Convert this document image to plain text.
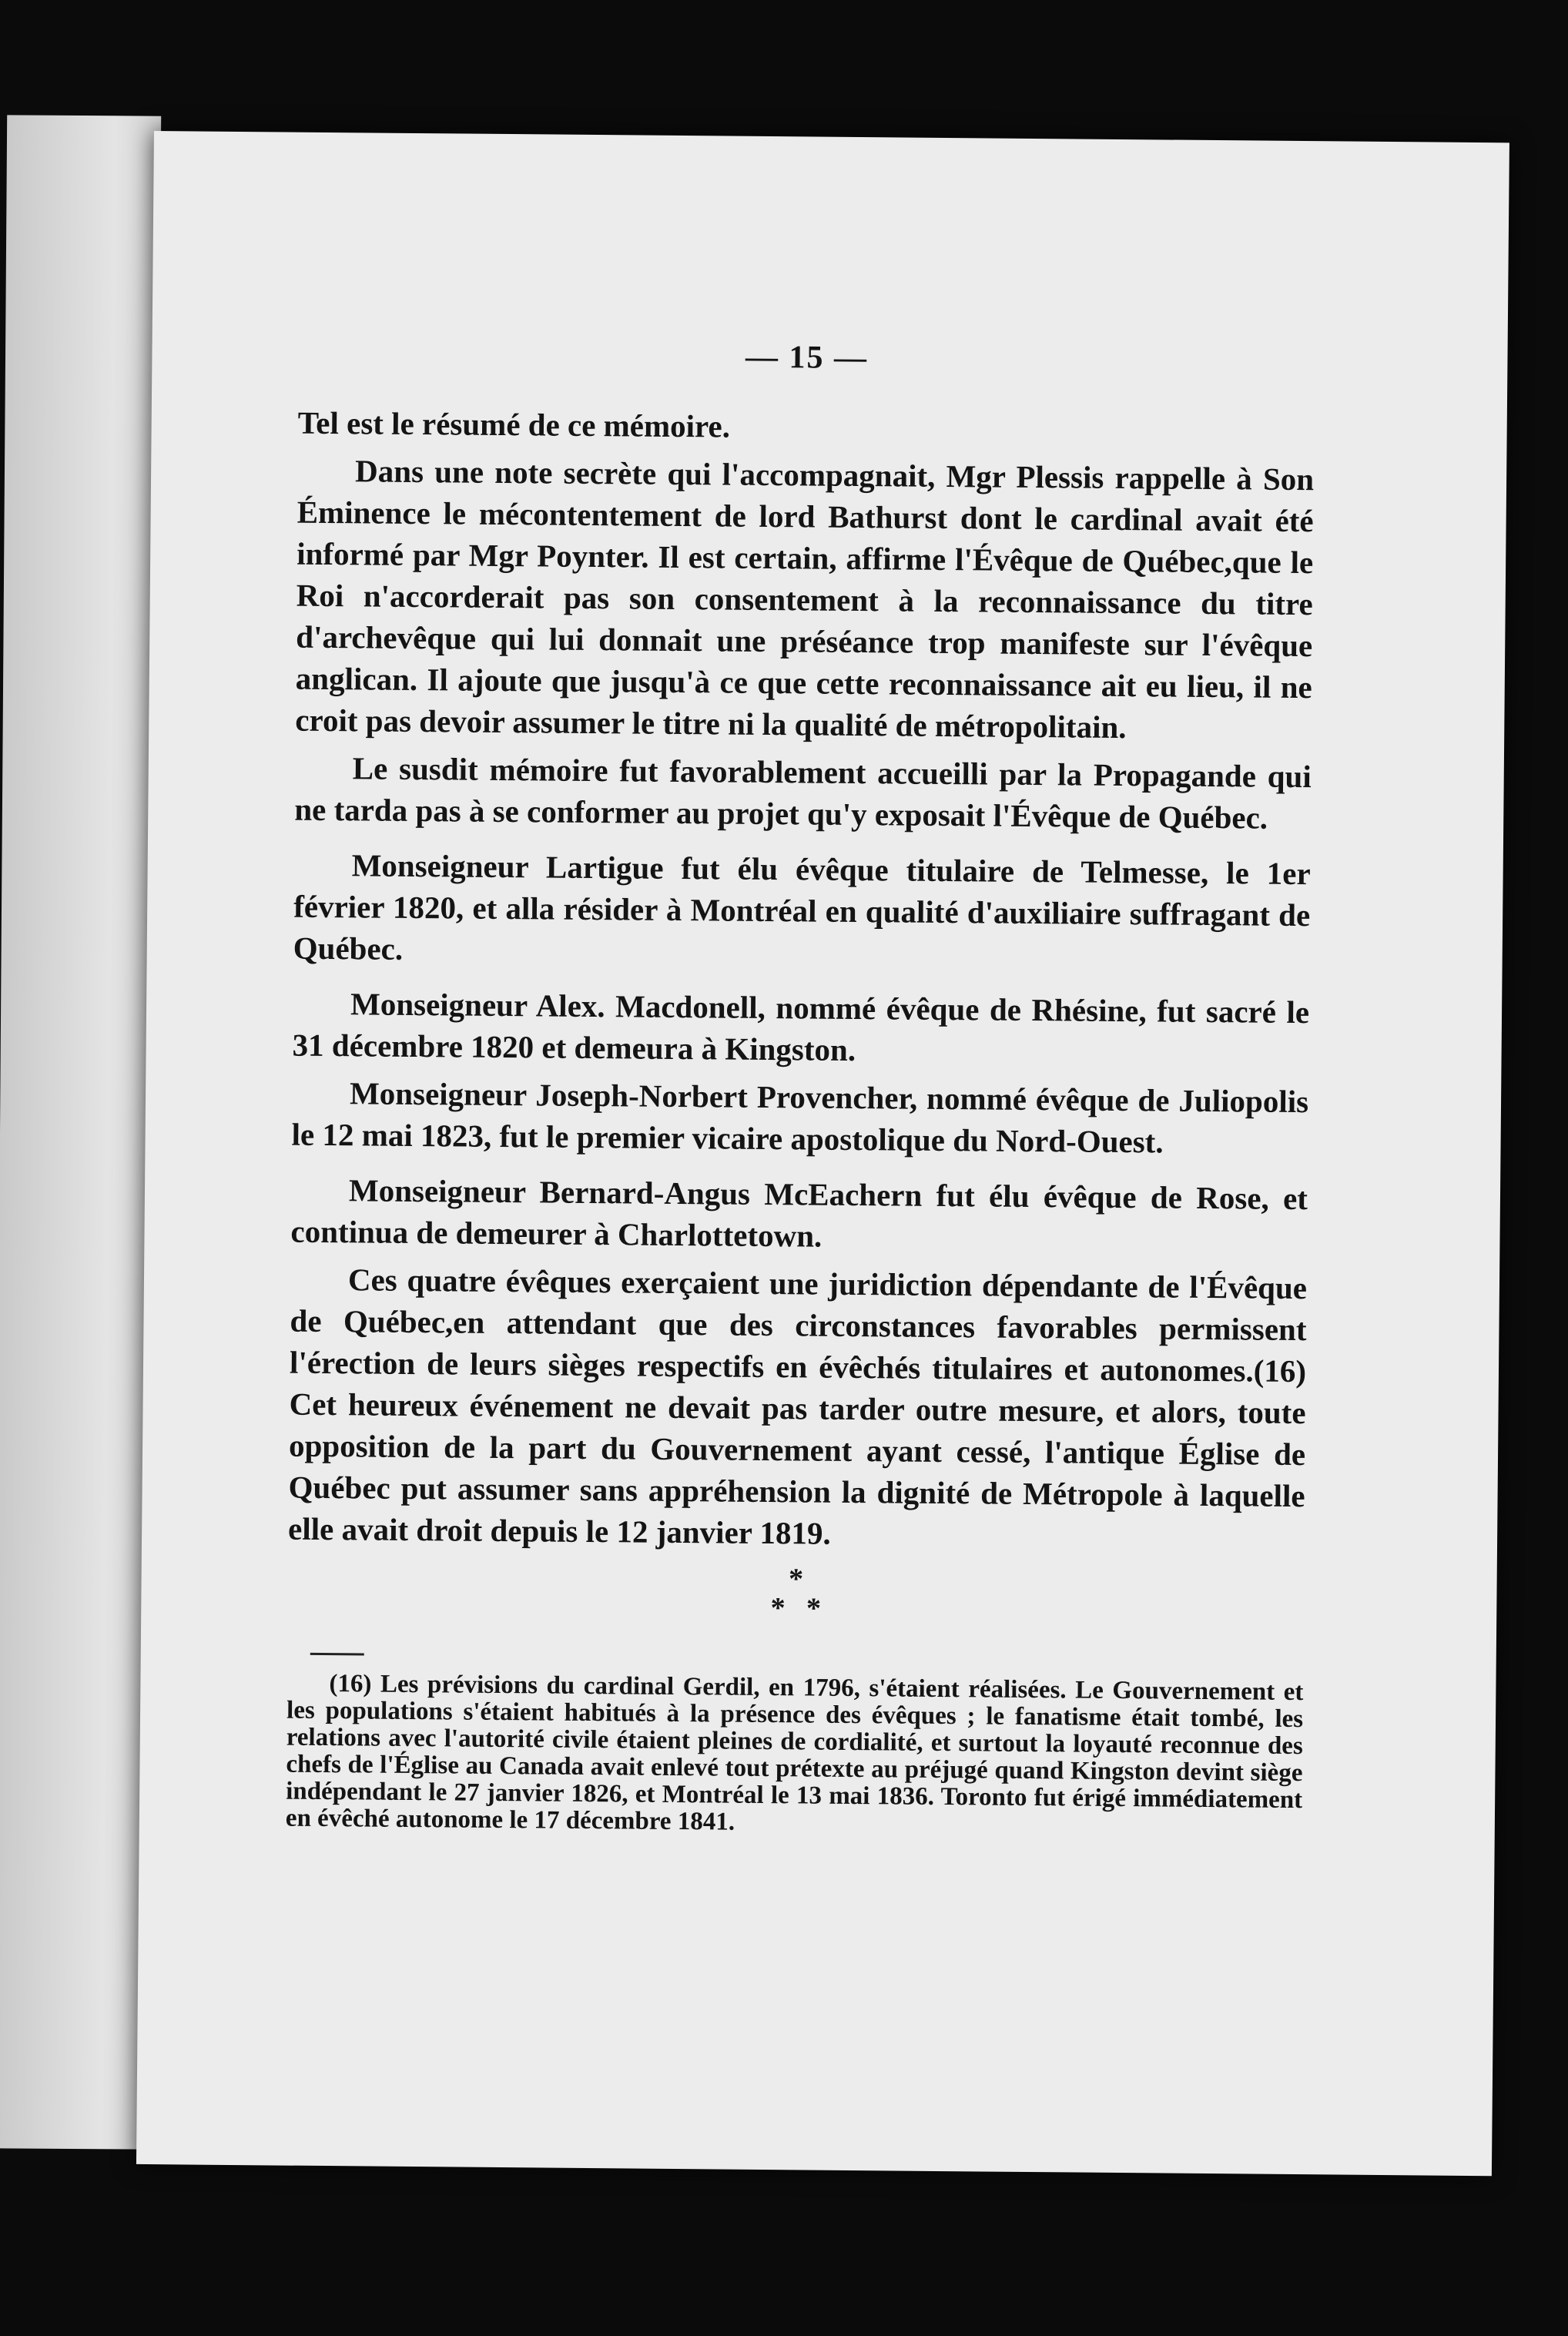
— 15 —

Tel est le résumé de ce mémoire.

Dans une note secrète qui l'accompagnait, Mgr Plessis rappelle à Son Éminence le mécontentement de lord Bathurst dont le cardinal avait été informé par Mgr Poynter. Il est certain, affirme l'Évêque de Québec,que le Roi n'accorderait pas son consentement à la reconnaissance du titre d'archevêque qui lui donnait une préséance trop manifeste sur l'évêque anglican. Il ajoute que jusqu'à ce que cette reconnaissance ait eu lieu, il ne croit pas devoir assumer le titre ni la qualité de métropolitain.

Le susdit mémoire fut favorablement accueilli par la Propagande qui ne tarda pas à se conformer au projet qu'y exposait l'Évêque de Québec.

Monseigneur Lartigue fut élu évêque titulaire de Telmesse, le 1er février 1820, et alla résider à Montréal en qualité d'auxiliaire suffragant de Québec.

Monseigneur Alex. Macdonell, nommé évêque de Rhésine, fut sacré le 31 décembre 1820 et demeura à Kingston.

Monseigneur Joseph-Norbert Provencher, nommé évêque de Juliopolis le 12 mai 1823, fut le premier vicaire apostolique du Nord-Ouest.

Monseigneur Bernard-Angus McEachern fut élu évêque de Rose, et continua de demeurer à Charlottetown.

Ces quatre évêques exerçaient une juridiction dépendante de l'Évêque de Québec,en attendant que des circonstances favorables permissent l'érection de leurs sièges respectifs en évêchés titulaires et autonomes.(16) Cet heureux événement ne devait pas tarder outre mesure, et alors, toute opposition de la part du Gouvernement ayant cessé, l'antique Église de Québec put assumer sans appréhension la dignité de Métropole à laquelle elle avait droit depuis le 12 janvier 1819.

*
* *

(16) Les prévisions du cardinal Gerdil, en 1796, s'étaient réalisées. Le Gouvernement et les populations s'étaient habitués à la présence des évêques ; le fanatisme était tombé, les relations avec l'autorité civile étaient pleines de cordialité, et surtout la loyauté reconnue des chefs de l'Église au Canada avait enlevé tout prétexte au préjugé quand Kingston devint siège indépendant le 27 janvier 1826, et Montréal le 13 mai 1836. Toronto fut érigé immédiatement en évêché autonome le 17 décembre 1841.
